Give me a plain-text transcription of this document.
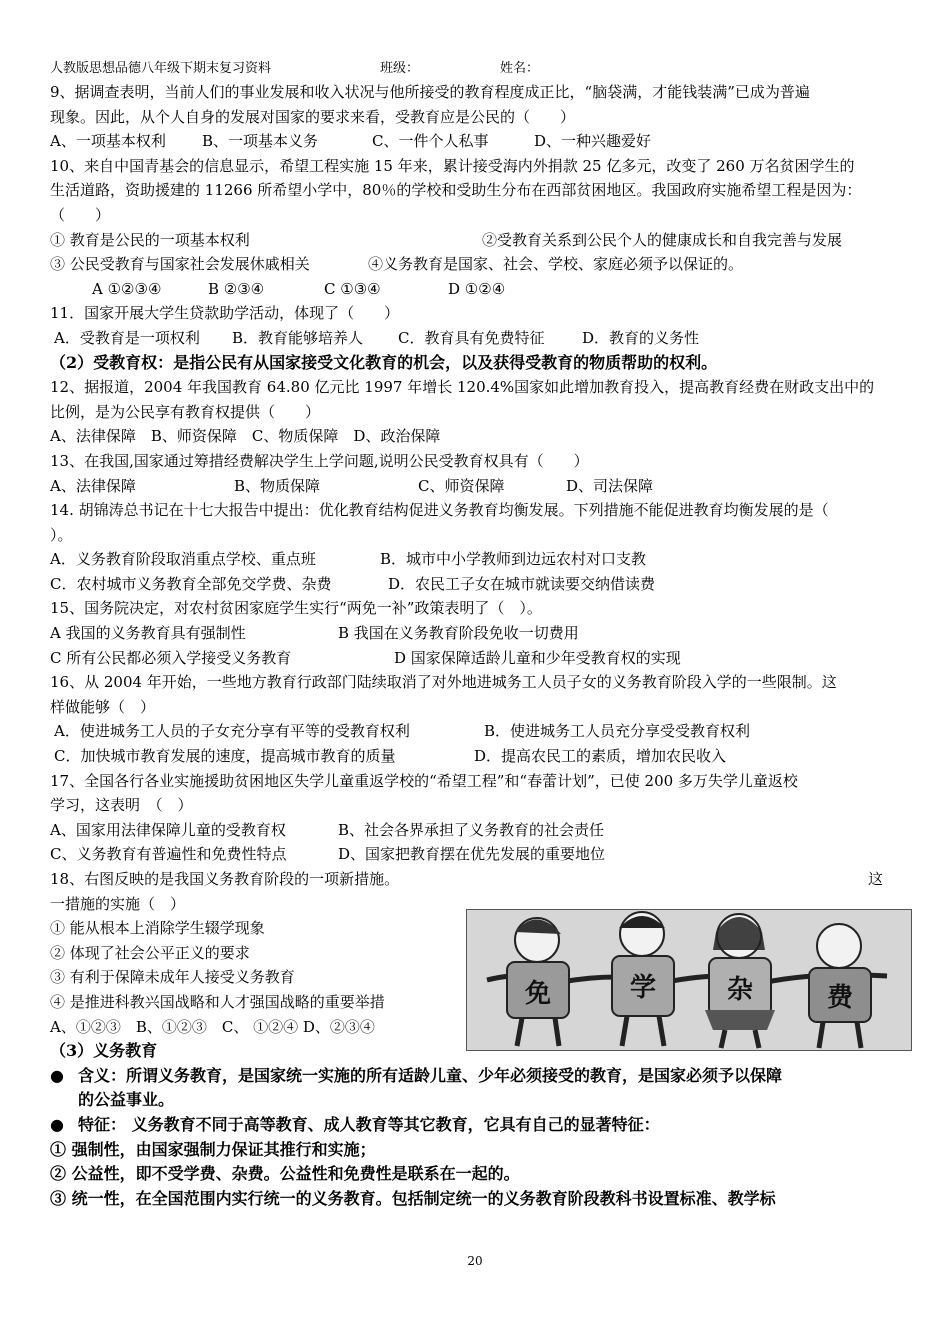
人教版思想品德八年级下期末复习资料	班级：	姓名：
9、据调查表明，当前人们的事业发展和收入状况与他所接受的教育程度成正比，“脑袋满，才能钱装满”已成为普遍
现象。因此，从个人自身的发展对国家的要求来看，受教育应是公民的（　　）
A、一项基本权利 B、一项基本义务	C、一件个人私事	D、一种兴趣爱好
10、来自中国青基会的信息显示，希望工程实施 15 年来，累计接受海内外捐款 25 亿多元，改变了 260 万名贫困学生的
生活道路，资助援建的 11266 所希望小学中，80％的学校和受助生分布在西部贫困地区。我国政府实施希望工程是因为：
（　　）
① 教育是公民的一项基本权利	②受教育关系到公民个人的健康成长和自我完善与发展
③ 公民受教育与国家社会发展休戚相关	④义务教育是国家、社会、学校、家庭必须予以保证的。
A ①②③④	B ②③④	C ①③④	D ①②④
11．国家开展大学生贷款助学活动，体现了（　　）
A．受教育是一项权利 B．教育能够培养人 C．教育具有免费特征	D．教育的义务性
（2）受教育权：是指公民有从国家接受文化教育的机会，以及获得受教育的物质帮助的权利。
12、据报道，2004 年我国教育 64.80 亿元比 1997 年增长 120.4%国家如此增加教育投入，提高教育经费在财政支出中的
比例，是为公民享有教育权提供（　　）
A、法律保障　B、师资保障　C、物质保障　D、政治保障
13、在我国,国家通过筹措经费解决学生上学问题,说明公民受教育权具有（　　）
A、法律保障	B、物质保障	C、师资保障	D、司法保障
14. 胡锦涛总书记在十七大报告中提出：优化教育结构促进义务教育均衡发展。下列措施不能促进教育均衡发展的是（
）。
A．义务教育阶段取消重点学校、重点班	B．城市中小学教师到边远农村对口支教
C．农村城市义务教育全部免交学费、杂费	D．农民工子女在城市就读要交纳借读费
15、国务院决定，对农村贫困家庭学生实行“两免一补”政策表明了（　）。
A 我国的义务教育具有强制性	B 我国在义务教育阶段免收一切费用
C 所有公民都必须入学接受义务教育	D 国家保障适龄儿童和少年受教育权的实现
16、从 2004 年开始，一些地方教育行政部门陆续取消了对外地进城务工人员子女的义务教育阶段入学的一些限制。这
样做能够（　）
A．使进城务工人员的子女充分享有平等的受教育权利	B．使进城务工人员充分享受受教育权利
C．加快城市教育发展的速度，提高城市教育的质量	D．提高农民工的素质，增加农民收入
17、全国各行各业实施援助贫困地区失学儿童重返学校的“希望工程”和“春蕾计划”，已使 200 多万失学儿童返校
学习，这表明　（　）
A、国家用法律保障儿童的受教育权	B、社会各界承担了义务教育的社会责任
C、义务教育有普遍性和免费性特点	D、国家把教育摆在优先发展的重要地位
18、右图反映的是我国义务教育阶段的一项新措施。	这
一措施的实施（　）
① 能从根本上消除学生辍学现象
② 体现了社会公平正义的要求
③ 有利于保障未成年人接受义务教育
④ 是推进科教兴国战略和人才强国战略的重要举措
A、①②③　B、①②③　C、 ①②④ D、②③④
（3）义务教育
● 含义：所谓义务教育，是国家统一实施的所有适龄儿童、少年必须接受的教育，是国家必须予以保障
的公益事业。
● 特征： 义务教育不同于高等教育、成人教育等其它教育，它具有自己的显著特征：
① 强制性，由国家强制力保证其推行和实施；
② 公益性，即不受学费、杂费。公益性和免费性是联系在一起的。
③ 统一性，在全国范围内实行统一的义务教育。包括制定统一的义务教育阶段教科书设置标准、教学标
免	学	杂	费
20
